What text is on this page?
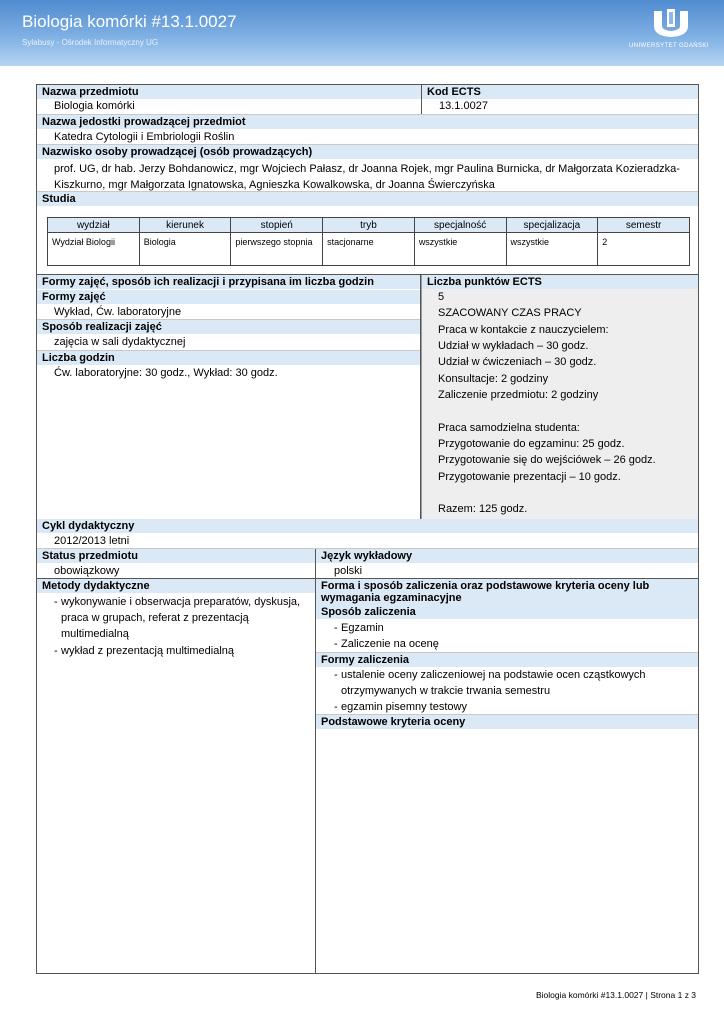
Biologia komórki #13.1.0027
Sylabusy - Ośrodek Informatyczny UG	UNIWERSYTET GDAŃSKI
Nazwa przedmiotu	Kod ECTS
Biologia komórki	13.1.0027
Nazwa jedostki prowadzącej przedmiot
Katedra Cytologii i Embriologii Roślin
Nazwisko osoby prowadzącej (osób prowadzących)
prof. UG, dr hab. Jerzy Bohdanowicz, mgr Wojciech Pałasz, dr Joanna Rojek, mgr Paulina Burnicka, dr Małgorzata Kozieradzka-
Kiszkurno, mgr Małgorzata Ignatowska, Agnieszka Kowalkowska, dr Joanna Świerczyńska
Studia
wydział	kierunek	stopień	tryb	specjalność	specjalizacja	semestr
Wydział Biologii	Biologia	pierwszego stopnia	stacjonarne	wszystkie	wszystkie	2
Formy zajęć, sposób ich realizacji i przypisana im liczba godzin	Liczba punktów ECTS
Formy zajęć
Wykład, Ćw. laboratoryjne
Sposób realizacji zajęć
zajęcia w sali dydaktycznej
Liczba godzin
Ćw. laboratoryjne: 30 godz., Wykład: 30 godz.
5
SZACOWANY CZAS PRACY
Praca w kontakcie z nauczycielem:
Udział w wykładach – 30 godz.
Udział w ćwiczeniach – 30 godz.
Konsultacje: 2 godziny
Zaliczenie przedmiotu: 2 godziny
Praca samodzielna studenta:
Przygotowanie do egzaminu: 25 godz.
Przygotowanie się do wejściówek – 26 godz.
Przygotowanie prezentacji – 10 godz.
Razem: 125 godz.
Cykl dydaktyczny
2012/2013 letni
Status przedmiotu	Język wykładowy
obowiązkowy	polski
Metody dydaktyczne
- wykonywanie i obserwacja preparatów, dyskusja,
praca w grupach, referat z prezentacją
multimedialną
- wykład z prezentacją multimedialną
Forma i sposób zaliczenia oraz podstawowe kryteria oceny lub
wymagania egzaminacyjne
Sposób zaliczenia
- Egzamin
- Zaliczenie na ocenę
Formy zaliczenia
- ustalenie oceny zaliczeniowej na podstawie ocen cząstkowych
otrzymywanych w trakcie trwania semestru
- egzamin pisemny testowy
Podstawowe kryteria oceny
Biologia komórki #13.1.0027 | Strona 1 z 3
